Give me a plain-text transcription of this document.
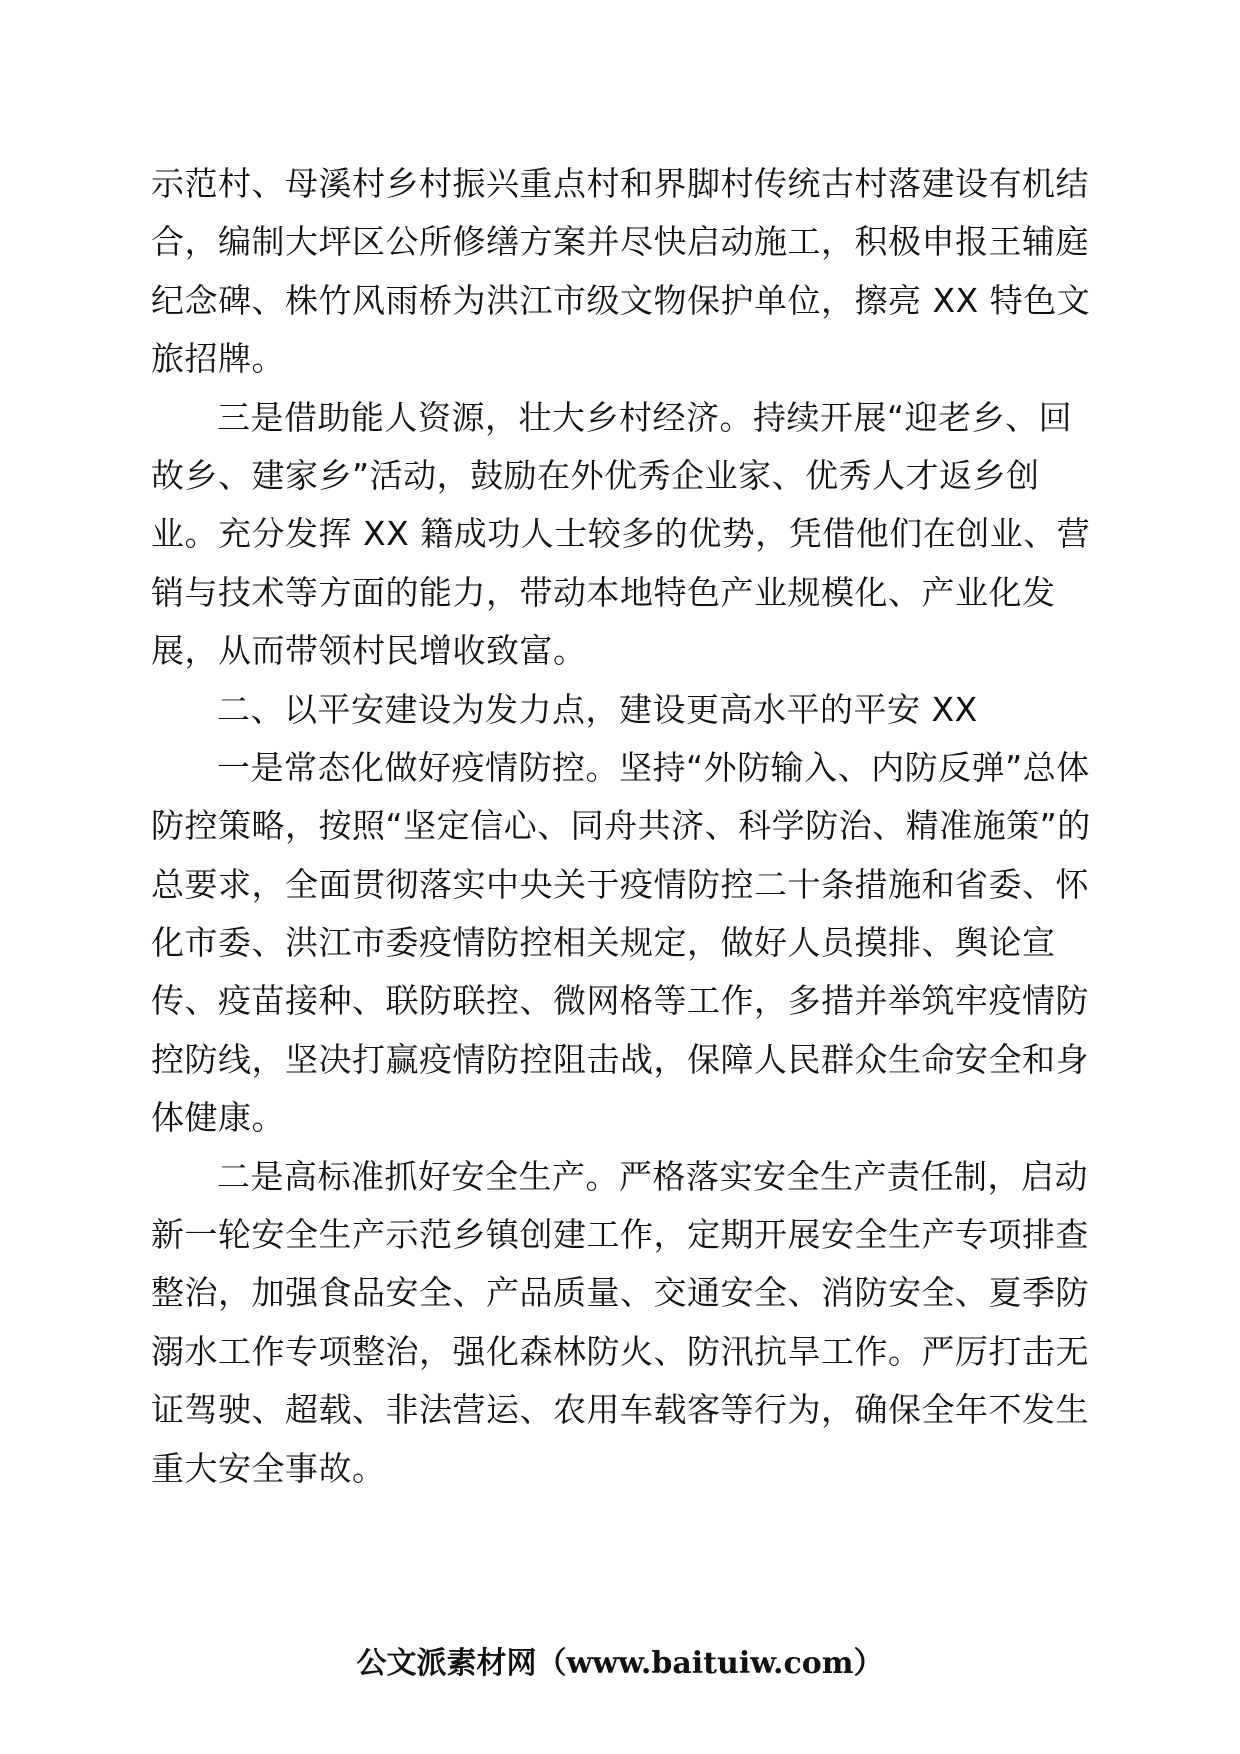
示范村、母溪村乡村振兴重点村和界脚村传统古村落建设有机结
合，编制大坪区公所修缮方案并尽快启动施工，积极申报王辅庭
纪念碑、株竹风雨桥为洪江市级文物保护单位，擦亮 XX 特色文
旅招牌。
三是借助能人资源，壮大乡村经济。持续开展“迎老乡、回
故乡、建家乡”活动，鼓励在外优秀企业家、优秀人才返乡创
业。充分发挥 XX 籍成功人士较多的优势，凭借他们在创业、营
销与技术等方面的能力，带动本地特色产业规模化、产业化发
展，从而带领村民增收致富。
二、以平安建设为发力点，建设更高水平的平安 XX
一是常态化做好疫情防控。坚持“外防输入、内防反弹”总体
防控策略，按照“坚定信心、同舟共济、科学防治、精准施策”的
总要求，全面贯彻落实中央关于疫情防控二十条措施和省委、怀
化市委、洪江市委疫情防控相关规定，做好人员摸排、舆论宣
传、疫苗接种、联防联控、微网格等工作，多措并举筑牢疫情防
控防线，坚决打赢疫情防控阻击战，保障人民群众生命安全和身
体健康。
二是高标准抓好安全生产。严格落实安全生产责任制，启动
新一轮安全生产示范乡镇创建工作，定期开展安全生产专项排查
整治，加强食品安全、产品质量、交通安全、消防安全、夏季防
溺水工作专项整治，强化森林防火、防汛抗旱工作。严厉打击无
证驾驶、超载、非法营运、农用车载客等行为，确保全年不发生
重大安全事故。
公文派素材网（www.baituiw.com）
